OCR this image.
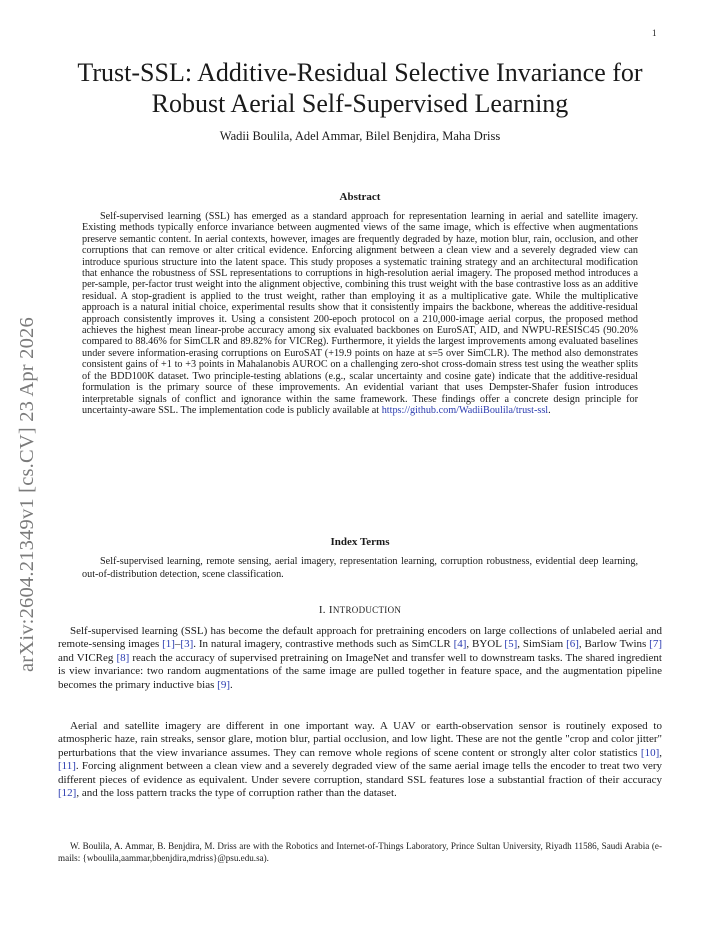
1
arXiv:2604.21349v1 [cs.CV] 23 Apr 2026
Trust-SSL: Additive-Residual Selective Invariance for
Robust Aerial Self-Supervised Learning
Wadii Boulila, Adel Ammar, Bilel Benjdira, Maha Driss
Abstract

Self-supervised learning (SSL) has emerged as a standard approach for representation learning in aerial and satellite imagery. Existing methods typically enforce invariance between augmented views of the same image, which is effective when augmentations preserve semantic content. In aerial contexts, however, images are frequently degraded by haze, motion blur, rain, occlusion, and other corruptions that can remove or alter critical evidence. Enforcing alignment between a clean view and a severely degraded view can introduce spurious structure into the latent space. This study proposes a systematic training strategy and an architectural modification that enhance the robustness of SSL representations to corruptions in high-resolution aerial imagery. The proposed method introduces a per-sample, per-factor trust weight into the alignment objective, combining this trust weight with the base contrastive loss as an additive residual. A stop-gradient is applied to the trust weight, rather than employing it as a multiplicative gate. While the multiplicative approach is a natural initial choice, experimental results show that it consistently impairs the backbone, whereas the additive-residual approach consistently improves it. Using a consistent 200-epoch protocol on a 210,000-image aerial corpus, the proposed method achieves the highest mean linear-probe accuracy among six evaluated backbones on EuroSAT, AID, and NWPU-RESISC45 (90.20% compared to 88.46% for SimCLR and 89.82% for VICReg). Furthermore, it yields the largest improvements among evaluated baselines under severe information-erasing corruptions on EuroSAT (+19.9 points on haze at s=5 over SimCLR). The method also demonstrates consistent gains of +1 to +3 points in Mahalanobis AUROC on a challenging zero-shot cross-domain stress test using the weather splits of the BDD100K dataset. Two principle-testing ablations (e.g., scalar uncertainty and cosine gate) indicate that the additive-residual formulation is the primary source of these improvements. An evidential variant that uses Dempster-Shafer fusion introduces interpretable signals of conflict and ignorance within the same framework. These findings offer a concrete design principle for uncertainty-aware SSL. The implementation code is publicly available at https://github.com/WadiiBoulila/trust-ssl.

Index Terms

Self-supervised learning, remote sensing, aerial imagery, representation learning, corruption robustness, evidential deep learning, out-of-distribution detection, scene classification.

I. INTRODUCTION

Self-supervised learning (SSL) has become the default approach for pretraining encoders on large collections of unlabeled aerial and remote-sensing images [1]–[3]. In natural imagery, contrastive methods such as SimCLR [4], BYOL [5], SimSiam [6], Barlow Twins [7] and VICReg [8] reach the accuracy of supervised pretraining on ImageNet and transfer well to downstream tasks. The shared ingredient is view invariance: two random augmentations of the same image are pulled together in feature space, and the augmentation pipeline becomes the primary inductive bias [9].

Aerial and satellite imagery are different in one important way. A UAV or earth-observation sensor is routinely exposed to atmospheric haze, rain streaks, sensor glare, motion blur, partial occlusion, and low light. These are not the gentle "crop and color jitter" perturbations that the view invariance assumes. They can remove whole regions of scene content or strongly alter color statistics [10], [11]. Forcing alignment between a clean view and a severely degraded view of the same aerial image tells the encoder to treat two very different pieces of evidence as equivalent. Under severe corruption, standard SSL features lose a substantial fraction of their accuracy [12], and the loss pattern tracks the type of corruption rather than the dataset.

W. Boulila, A. Ammar, B. Benjdira, M. Driss are with the Robotics and Internet-of-Things Laboratory, Prince Sultan University, Riyadh 11586, Saudi Arabia (e-mails: {wboulila,aammar,bbenjdira,mdriss}@psu.edu.sa).
